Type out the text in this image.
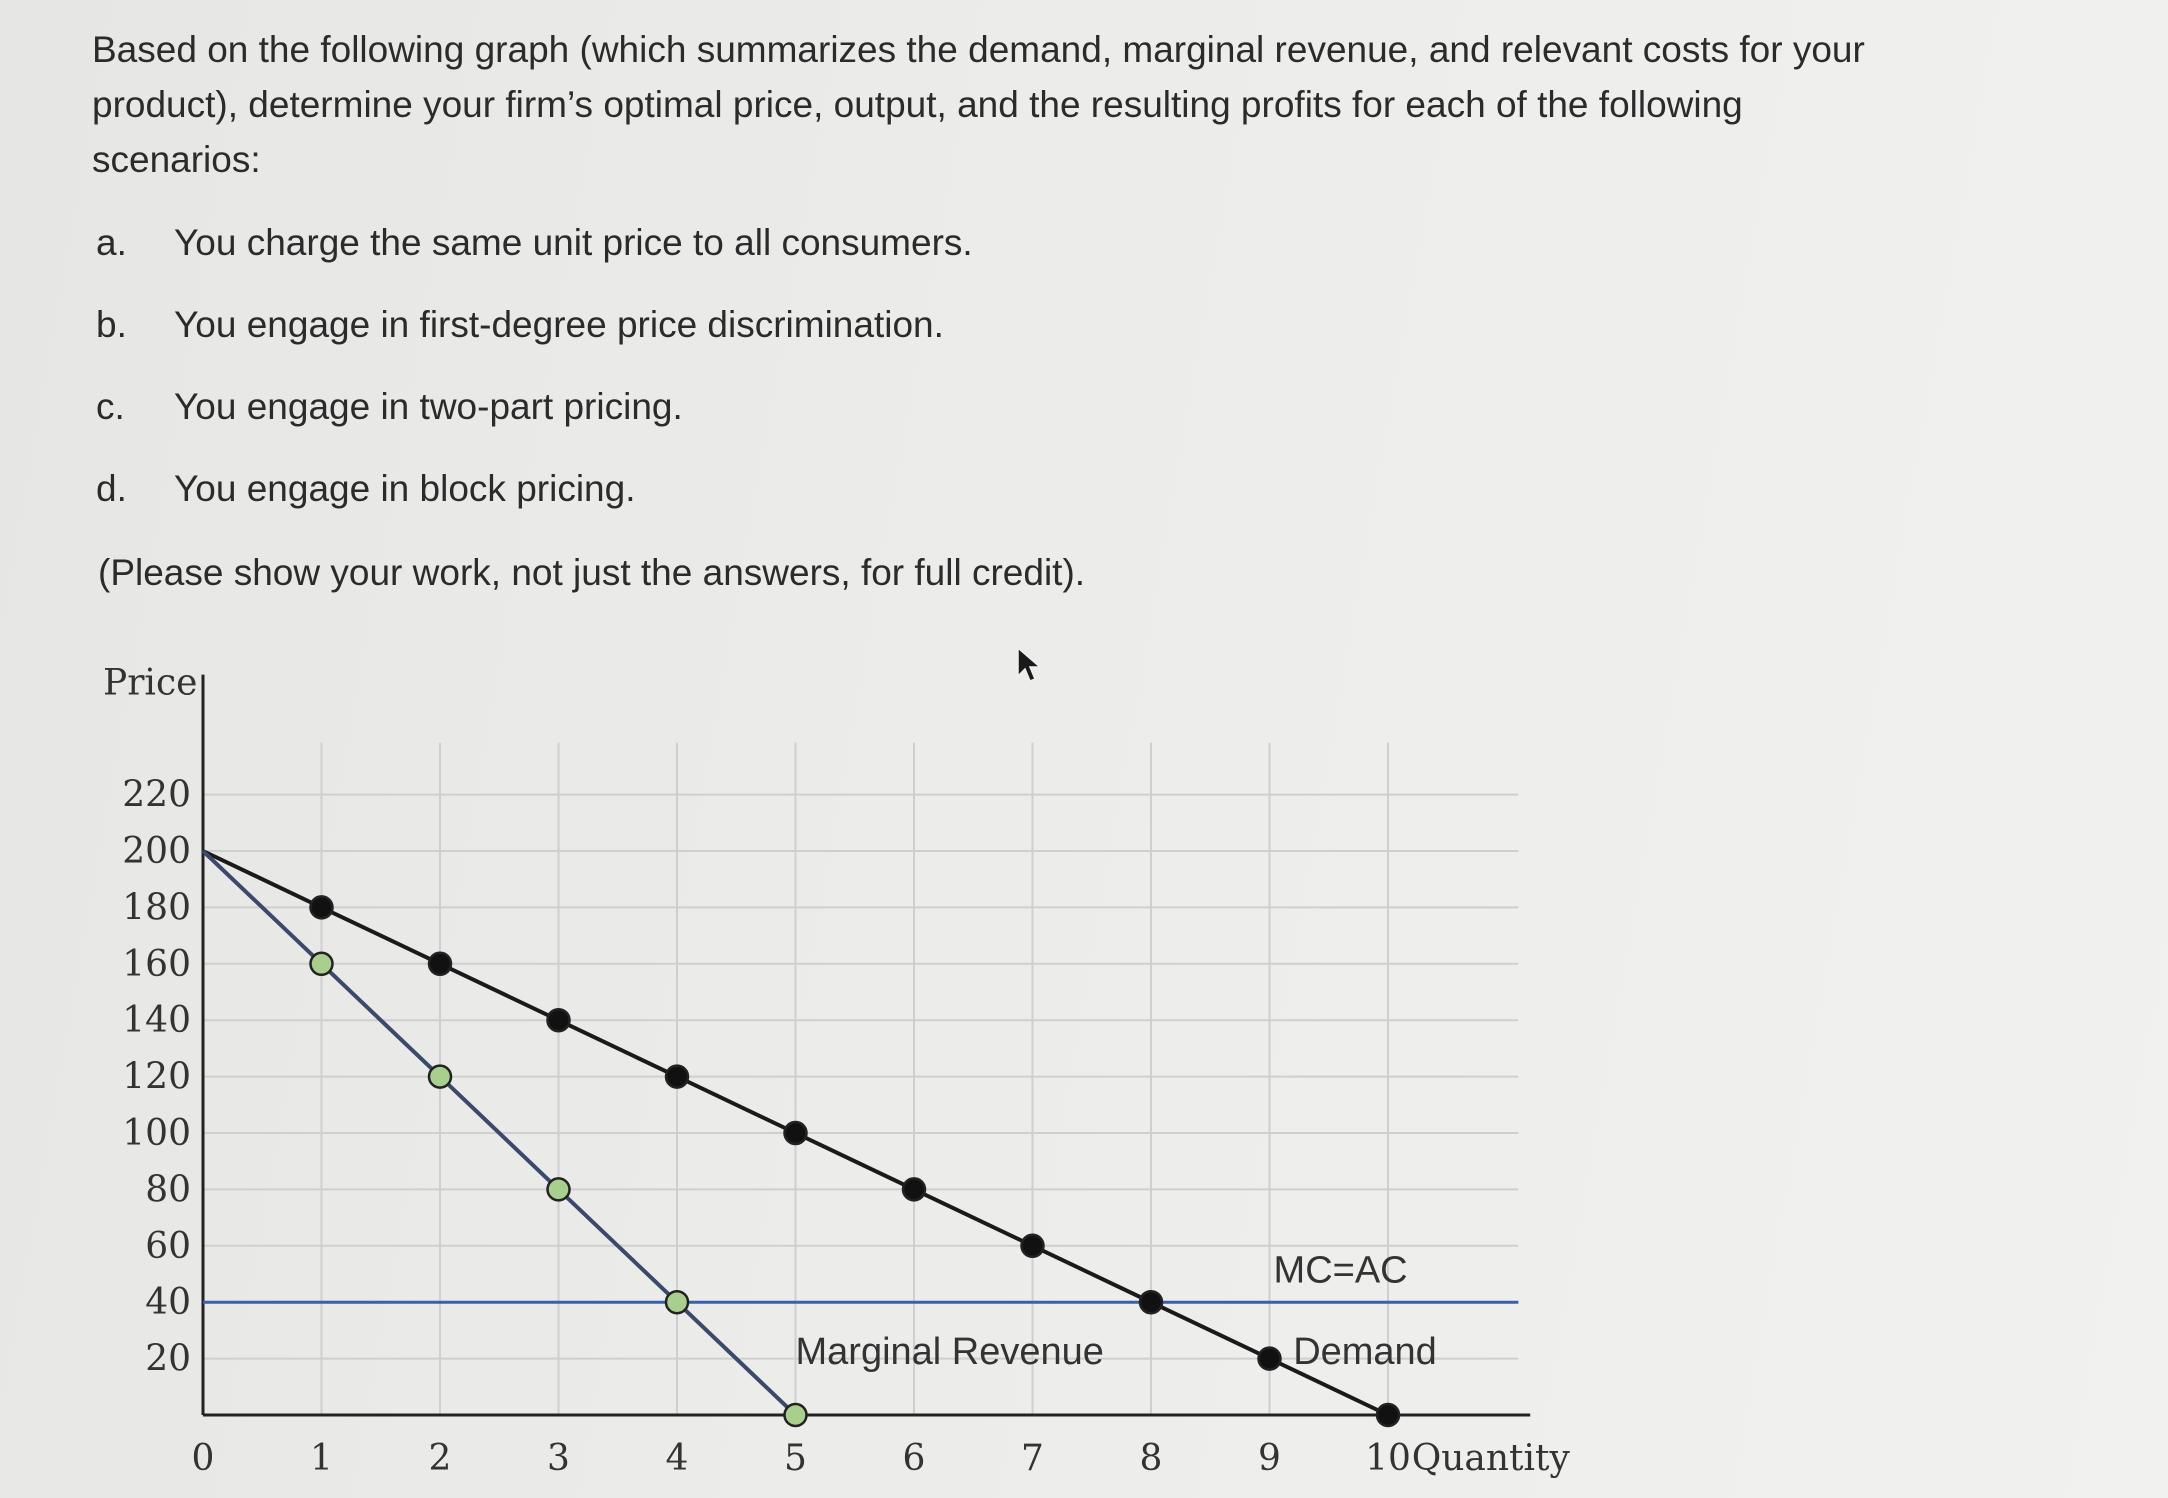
Based on the following graph (which summarizes the demand, marginal revenue, and relevant costs for your product), determine your firm’s optimal price, output, and the resulting profits for each of the following scenarios:

a. You charge the same unit price to all consumers.
b. You engage in first-degree price discrimination.
c. You engage in two-part pricing.
d. You engage in block pricing.
(Please show your work, not just the answers, for full credit).
0	1	2	3	4	5	6	7	8	9 10
220
200
180
160
140
120
100
80
60
40
20
Price
Quantity
Demand
Marginal Revenue
MC=AC
